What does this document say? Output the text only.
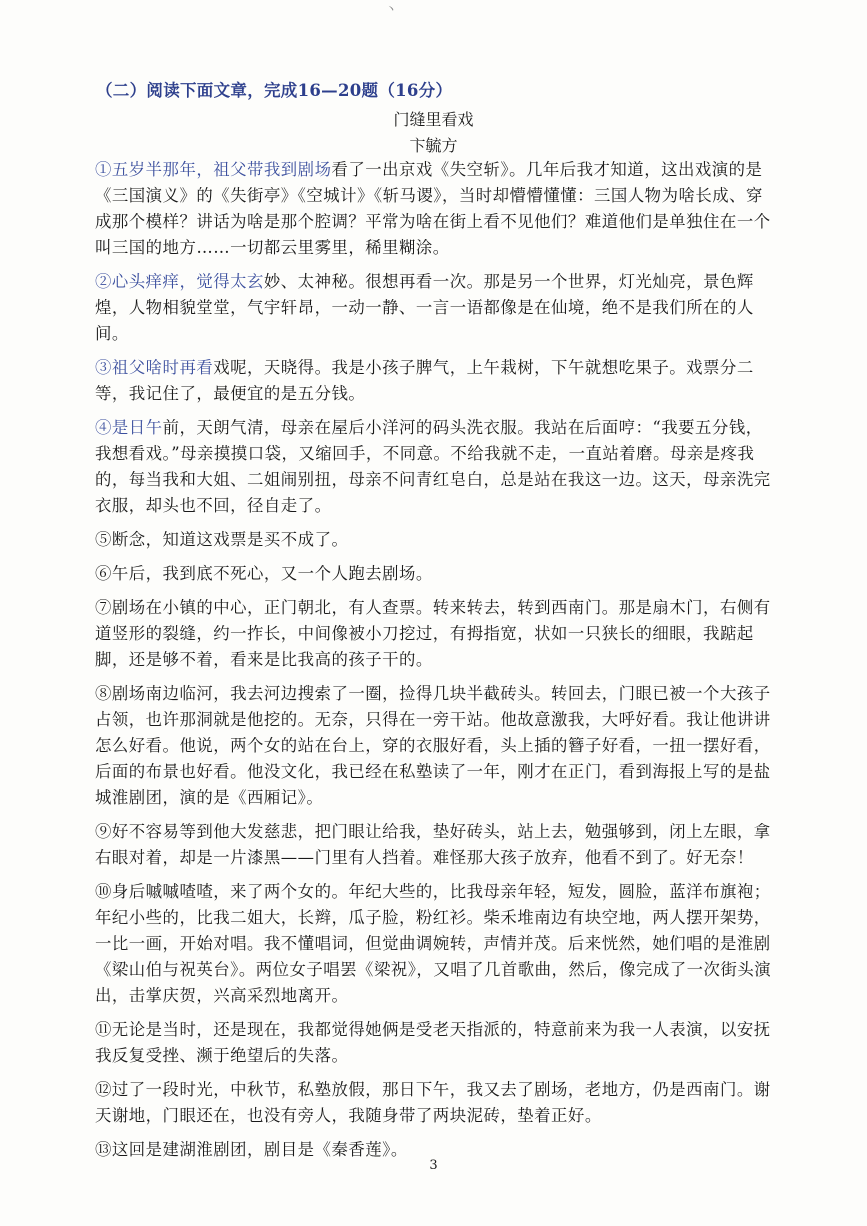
丶
（二）阅读下面文章，完成16—20题（16分）
门缝里看戏
卞毓方

①五岁半那年，祖父带我到剧场看了一出京戏《失空斩》。几年后我才知道，这出戏演的是《三国演义》的《失街亭》《空城计》《斩马谡》，当时却懵懵懂懂：三国人物为啥长成、穿成那个模样？讲话为啥是那个腔调？平常为啥在街上看不见他们？难道他们是单独住在一个叫三国的地方……一切都云里雾里，稀里糊涂。

②心头痒痒，觉得太玄妙、太神秘。很想再看一次。那是另一个世界，灯光灿亮，景色辉煌，人物相貌堂堂，气宇轩昂，一动一静、一言一语都像是在仙境，绝不是我们所在的人间。

③祖父啥时再看戏呢，天晓得。我是小孩子脾气，上午栽树，下午就想吃果子。戏票分二等，我记住了，最便宜的是五分钱。

④是日午前，天朗气清，母亲在屋后小洋河的码头洗衣服。我站在后面哼：“我要五分钱，我想看戏。”母亲摸摸口袋，又缩回手，不同意。不给我就不走，一直站着磨。母亲是疼我的，每当我和大姐、二姐闹别扭，母亲不问青红皂白，总是站在我这一边。这天，母亲洗完衣服，却头也不回，径自走了。

⑤断念，知道这戏票是买不成了。

⑥午后，我到底不死心，又一个人跑去剧场。

⑦剧场在小镇的中心，正门朝北，有人查票。转来转去，转到西南门。那是扇木门，右侧有道竖形的裂缝，约一拃长，中间像被小刀挖过，有拇指宽，状如一只狭长的细眼，我踮起脚，还是够不着，看来是比我高的孩子干的。

⑧剧场南边临河，我去河边搜索了一圈，捡得几块半截砖头。转回去，门眼已被一个大孩子占领，也许那洞就是他挖的。无奈，只得在一旁干站。他故意激我，大呼好看。我让他讲讲怎么好看。他说，两个女的站在台上，穿的衣服好看，头上插的簪子好看，一扭一摆好看，后面的布景也好看。他没文化，我已经在私塾读了一年，刚才在正门，看到海报上写的是盐城淮剧团，演的是《西厢记》。

⑨好不容易等到他大发慈悲，把门眼让给我，垫好砖头，站上去，勉强够到，闭上左眼，拿右眼对着，却是一片漆黑——门里有人挡着。难怪那大孩子放弃，他看不到了。好无奈！

⑩身后嘁嘁喳喳，来了两个女的。年纪大些的，比我母亲年轻，短发，圆脸，蓝洋布旗袍；年纪小些的，比我二姐大，长辫，瓜子脸，粉红衫。柴禾堆南边有块空地，两人摆开架势，一比一画，开始对唱。我不懂唱词，但觉曲调婉转，声情并茂。后来恍然，她们唱的是淮剧《梁山伯与祝英台》。两位女子唱罢《梁祝》，又唱了几首歌曲，然后，像完成了一次街头演出，击掌庆贺，兴高采烈地离开。

⑪无论是当时，还是现在，我都觉得她俩是受老天指派的，特意前来为我一人表演，以安抚我反复受挫、濒于绝望后的失落。

⑫过了一段时光，中秋节，私塾放假，那日下午，我又去了剧场，老地方，仍是西南门。谢天谢地，门眼还在，也没有旁人，我随身带了两块泥砖，垫着正好。

⑬这回是建湖淮剧团，剧目是《秦香莲》。

3
